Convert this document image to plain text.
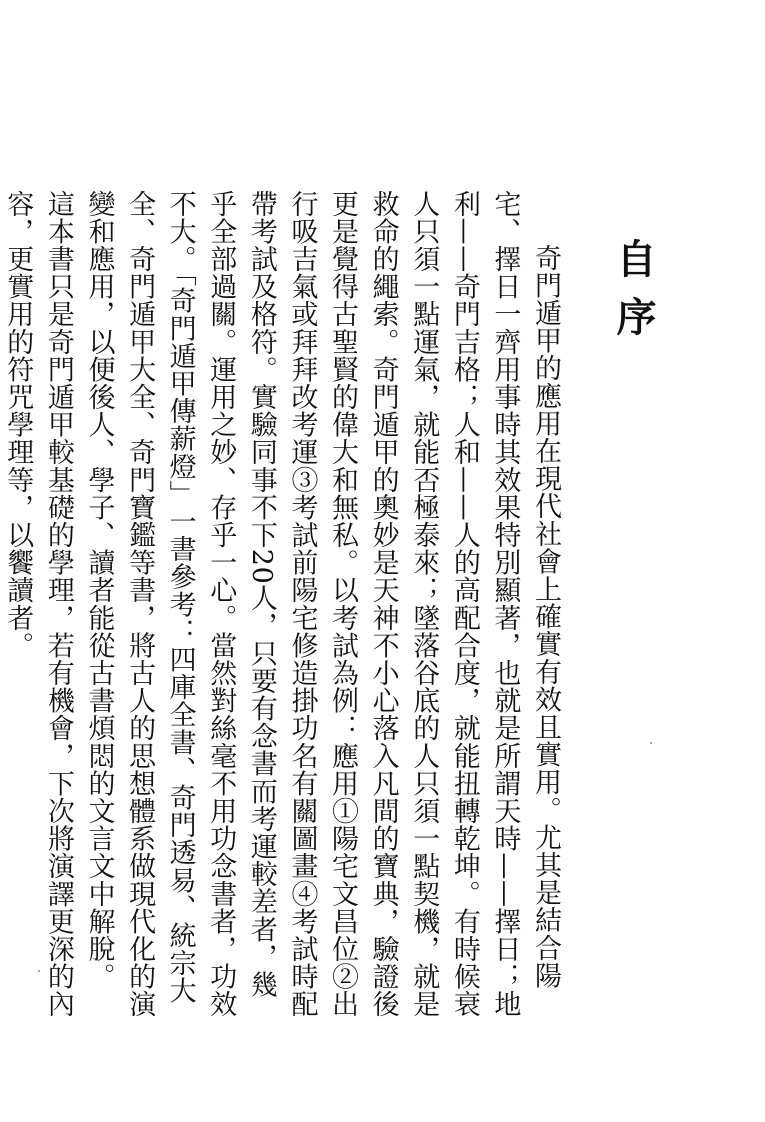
自序

奇門遁甲的應用在現代社會上確實有效且實用。尤其是結合陽宅、擇日一齊用事時其效果特別顯著，也就是所謂天時——擇日；地利——奇門吉格；人和——人的高配合度，就能扭轉乾坤。有時候衰人只須一點運氣，就能否極泰來；墜落谷底的人只須一點契機，就是救命的繩索。奇門遁甲的奧妙是天神不小心落入凡間的寶典，驗證後更是覺得古聖賢的偉大和無私。以考試為例：應用①陽宅文昌位②出行吸吉氣或拜拜改考運③考試前陽宅修造掛功名有關圖畫④考試時配帶考試及格符。實驗同事不下20人，只要有念書而考運較差者，幾乎全部過關。運用之妙、存乎一心。當然對絲毫不用功念書者，功效不大。「奇門遁甲傳薪燈」一書參考：四庫全書、奇門透易、統宗大全、奇門遁甲大全、奇門寶鑑等書，將古人的思想體系做現代化的演變和應用，以便後人、學子、讀者能從古書煩悶的文言文中解脫。

這本書只是奇門遁甲較基礎的學理，若有機會，下次將演譯更深的內容，更實用的符咒學理等，以饗讀者。
